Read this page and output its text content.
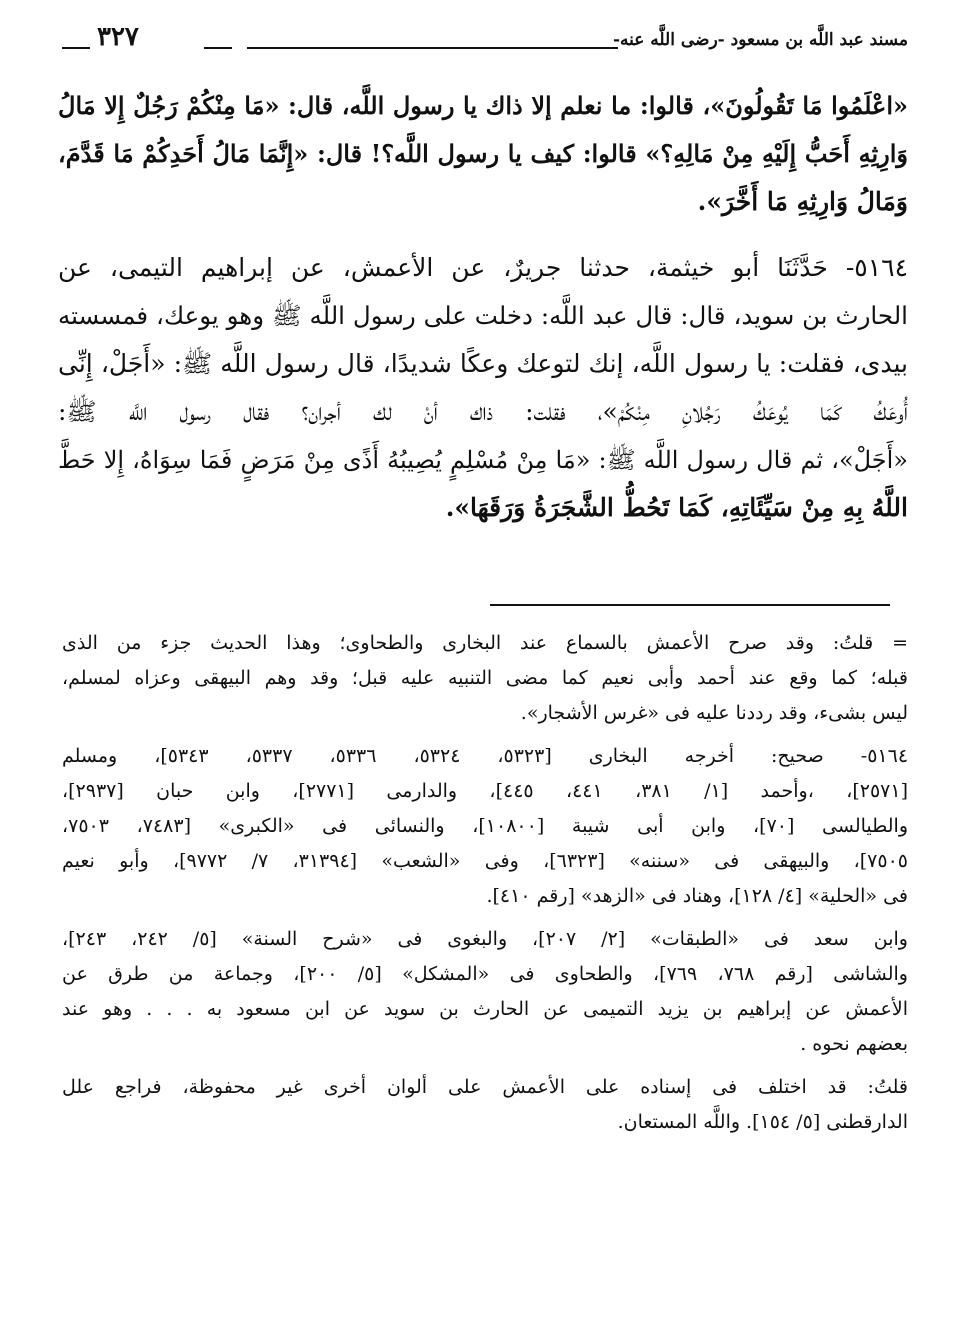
مسند عبد اللَّه بن مسعود -رضى اللَّه عنه-
٣٢٧
«اعْلَمُوا مَا تَقُولُونَ»، قالوا: ما نعلم إلا ذاك يا رسول اللَّه، قال: «مَا مِنْكُمْ رَجُلٌ إِلا مَالُ
وَارِثِهِ أَحَبُّ إِلَيْهِ مِنْ مَالِهِ؟» قالوا: كيف يا رسول اللَّه؟! قال: «إِنَّمَا مَالُ أَحَدِكُمْ مَا قَدَّمَ،
وَمَالُ وَارِثِهِ مَا أَخَّرَ».
٥١٦٤- حَدَّثَنَا أبو خيثمة، حدثنا جريرٌ، عن الأعمش، عن إبراهيم التيمى، عن
الحارث بن سويد، قال: قال عبد اللَّه: دخلت على رسول اللَّه ﷺ وهو يوعك، فمسسته
بيدى، فقلت: يا رسول اللَّه، إنك لتوعك وعكًا شديدًا، قال رسول اللَّه ﷺ: «أَجَلْ، إِنِّى
أُوعَكُ كَمَا يُوعَكُ رَجُلانِ مِنْكُمْ»، فقلت: ذاك أنْ لك أجران؟ فقال رسول اللَّه ﷺ:
«أَجَلْ»، ثم قال رسول اللَّه ﷺ: «مَا مِنْ مُسْلِمٍ يُصِيبُهُ أَذًى مِنْ مَرَضٍ فَمَا سِوَاهُ، إِلا حَطَّ
اللَّهُ بِهِ مِنْ سَيِّئَاتِهِ، كَمَا تَحُطُّ الشَّجَرَةُ وَرَقَهَا».
= قلتُ: وقد صرح الأعمش بالسماع عند البخارى والطحاوى؛ وهذا الحديث جزء من الذى
قبله؛ كما وقع عند أحمد وأبى نعيم كما مضى التنبيه عليه قبل؛ وقد وهم البيهقى وعزاه لمسلم،
ليس بشىء، وقد رددنا عليه فى «غرس الأشجار».
٥١٦٤- صحيح: أخرجه البخارى [٥٣٢٣، ٥٣٢٤، ٥٣٣٦، ٥٣٣٧، ٥٣٤٣]، ومسلم
[٢٥٧١]، ،وأحمد [١/ ٣٨١، ٤٤١، ٤٤٥]، والدارمى [٢٧٧١]، وابن حبان [٢٩٣٧]،
والطيالسى [٧٠]، وابن أبى شيبة [١٠٨٠٠]، والنسائى فى «الكبرى» [٧٤٨٣، ٧٥٠٣،
٧٥٠٥]، والبيهقى فى «سننه» [٦٣٢٣]، وفى «الشعب» [٣١٣٩٤، ٧/ ٩٧٧٢]، وأبو نعيم
فى «الحلية» [٤/ ١٢٨]، وهناد فى «الزهد» [رقم ٤١٠].
وابن سعد فى «الطبقات» [٢/ ٢٠٧]، والبغوى فى «شرح السنة» [٥/ ٢٤٢، ٢٤٣]،
والشاشى [رقم ٧٦٨، ٧٦٩]، والطحاوى فى «المشكل» [٥/ ٢٠٠]، وجماعة من طرق عن
الأعمش عن إبراهيم بن يزيد التميمى عن الحارث بن سويد عن ابن مسعود به . . . وهو عند
بعضهم نحوه .
قلتُ: قد اختلف فى إسناده على الأعمش على ألوان أخرى غير محفوظة، فراجع علل
الدارقطنى [٥/ ١٥٤]. واللَّه المستعان.
